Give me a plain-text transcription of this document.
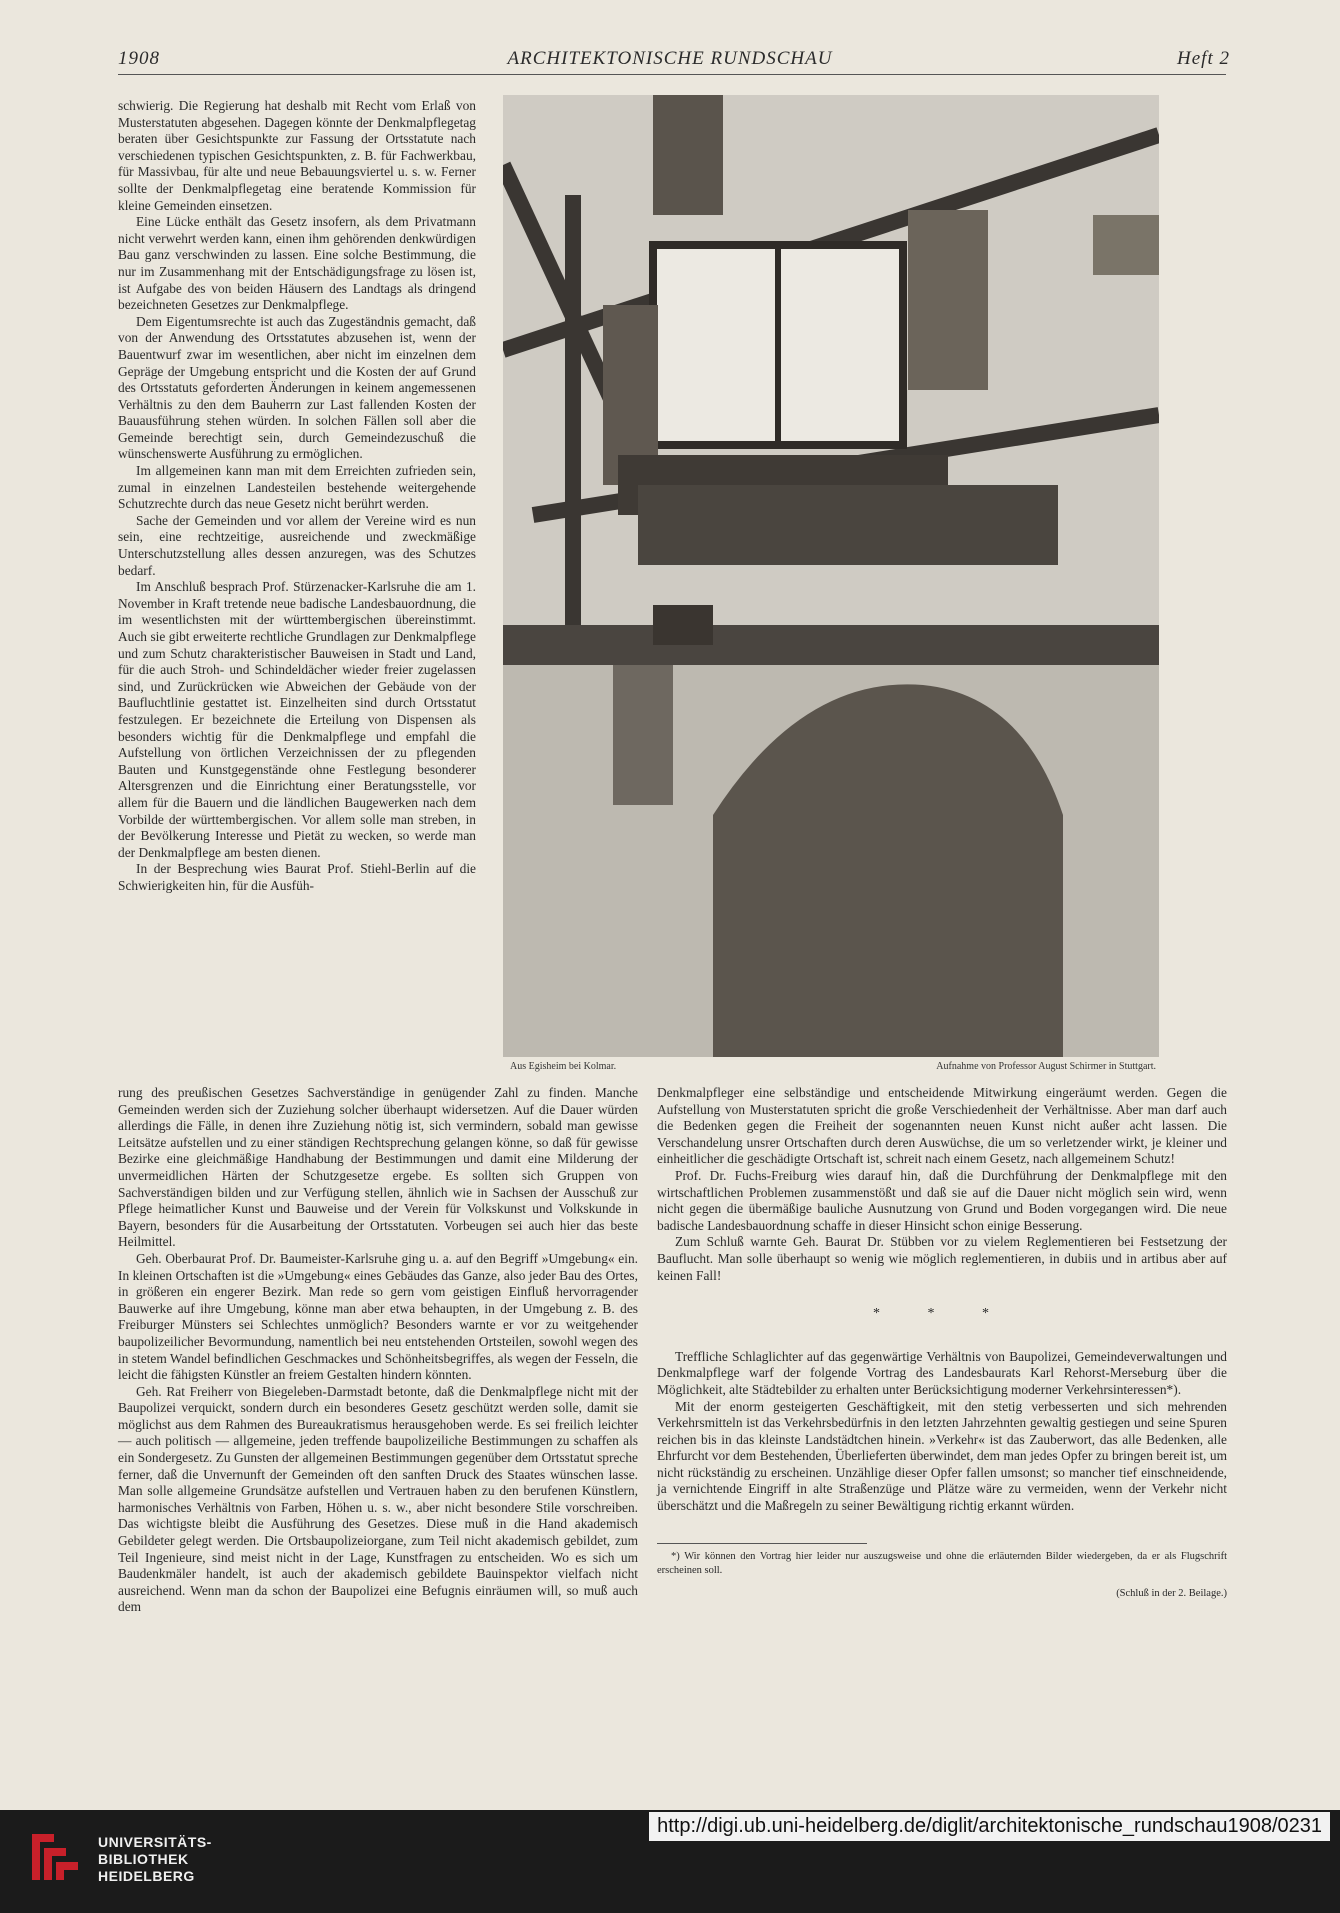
1908	ARCHITEKTONISCHE RUNDSCHAU	Heft 2

schwierig. Die Regierung hat deshalb mit Recht vom Erlaß von Musterstatuten abgesehen. Dagegen könnte der Denkmalpflegetag beraten über Gesichtspunkte zur Fassung der Ortsstatute nach verschiedenen typischen Gesichtspunkten, z. B. für Fachwerkbau, für Massivbau, für alte und neue Bebauungsviertel u. s. w. Ferner sollte der Denkmalpflegetag eine beratende Kommission für kleine Gemeinden einsetzen.

Eine Lücke enthält das Gesetz insofern, als dem Privatmann nicht verwehrt werden kann, einen ihm gehörenden denkwürdigen Bau ganz verschwinden zu lassen. Eine solche Bestimmung, die nur im Zusammenhang mit der Entschädigungsfrage zu lösen ist, ist Aufgabe des von beiden Häusern des Landtags als dringend bezeichneten Gesetzes zur Denkmalpflege.

Dem Eigentumsrechte ist auch das Zugeständnis gemacht, daß von der Anwendung des Ortsstatutes abzusehen ist, wenn der Bauentwurf zwar im wesentlichen, aber nicht im einzelnen dem Gepräge der Umgebung entspricht und die Kosten der auf Grund des Ortsstatuts geforderten Änderungen in keinem angemessenen Verhältnis zu den dem Bauherrn zur Last fallenden Kosten der Bauausführung stehen würden. In solchen Fällen soll aber die Gemeinde berechtigt sein, durch Gemeindezuschuß die wünschenswerte Ausführung zu ermöglichen.

Im allgemeinen kann man mit dem Erreichten zufrieden sein, zumal in einzelnen Landesteilen bestehende weitergehende Schutzrechte durch das neue Gesetz nicht berührt werden.

Sache der Gemeinden und vor allem der Vereine wird es nun sein, eine rechtzeitige, ausreichende und zweckmäßige Unterschutzstellung alles dessen anzuregen, was des Schutzes bedarf.

Im Anschluß besprach Prof. Stürzenacker-Karlsruhe die am 1. November in Kraft tretende neue badische Landesbauordnung, die im wesentlichsten mit der württembergischen übereinstimmt. Auch sie gibt erweiterte rechtliche Grundlagen zur Denkmalpflege und zum Schutz charakteristischer Bauweisen in Stadt und Land, für die auch Stroh- und Schindeldächer wieder freier zugelassen sind, und Zurückrücken wie Abweichen der Gebäude von der Baufluchtlinie gestattet ist. Einzelheiten sind durch Ortsstatut festzulegen. Er bezeichnete die Erteilung von Dispensen als besonders wichtig für die Denkmalpflege und empfahl die Aufstellung von örtlichen Verzeichnissen der zu pflegenden Bauten und Kunstgegenstände ohne Festlegung besonderer Altersgrenzen und die Einrichtung einer Beratungsstelle, vor allem für die Bauern und die ländlichen Baugewerken nach dem Vorbilde der württembergischen. Vor allem solle man streben, in der Bevölkerung Interesse und Pietät zu wecken, so werde man der Denkmalpflege am besten dienen.

In der Besprechung wies Baurat Prof. Stiehl-Berlin auf die Schwierigkeiten hin, für die Ausfüh-

Aus Egisheim bei Kolmar.	Aufnahme von Professor August Schirmer in Stuttgart.

rung des preußischen Gesetzes Sachverständige in genügender Zahl zu finden. Manche Gemeinden werden sich der Zuziehung solcher überhaupt widersetzen. Auf die Dauer würden allerdings die Fälle, in denen ihre Zuziehung nötig ist, sich vermindern, sobald man gewisse Leitsätze aufstellen und zu einer ständigen Rechtsprechung gelangen könne, so daß für gewisse Bezirke eine gleichmäßige Handhabung der Bestimmungen und damit eine Milderung der unvermeidlichen Härten der Schutzgesetze ergebe. Es sollten sich Gruppen von Sachverständigen bilden und zur Verfügung stellen, ähnlich wie in Sachsen der Ausschuß zur Pflege heimatlicher Kunst und Bauweise und der Verein für Volkskunst und Volkskunde in Bayern, besonders für die Ausarbeitung der Ortsstatuten. Vorbeugen sei auch hier das beste Heilmittel.

Geh. Oberbaurat Prof. Dr. Baumeister-Karlsruhe ging u. a. auf den Begriff »Umgebung« ein. In kleinen Ortschaften ist die »Umgebung« eines Gebäudes das Ganze, also jeder Bau des Ortes, in größeren ein engerer Bezirk. Man rede so gern vom geistigen Einfluß hervorragender Bauwerke auf ihre Umgebung, könne man aber etwa behaupten, in der Umgebung z. B. des Freiburger Münsters sei Schlechtes unmöglich? Besonders warnte er vor zu weitgehender baupolizeilicher Bevormundung, namentlich bei neu entstehenden Ortsteilen, sowohl wegen des in stetem Wandel befindlichen Geschmackes und Schönheitsbegriffes, als wegen der Fesseln, die leicht die fähigsten Künstler an freiem Gestalten hindern könnten.

Geh. Rat Freiherr von Biegeleben-Darmstadt betonte, daß die Denkmalpflege nicht mit der Baupolizei verquickt, sondern durch ein besonderes Gesetz geschützt werden solle, damit sie möglichst aus dem Rahmen des Bureaukratismus herausgehoben werde. Es sei freilich leichter — auch politisch — allgemeine, jeden treffende baupolizeiliche Bestimmungen zu schaffen als ein Sondergesetz. Zu Gunsten der allgemeinen Bestimmungen gegenüber dem Ortsstatut spreche ferner, daß die Unvernunft der Gemeinden oft den sanften Druck des Staates wünschen lasse. Man solle allgemeine Grundsätze aufstellen und Vertrauen haben zu den berufenen Künstlern, harmonisches Verhältnis von Farben, Höhen u. s. w., aber nicht besondere Stile vorschreiben. Das wichtigste bleibt die Ausführung des Gesetzes. Diese muß in die Hand akademisch Gebildeter gelegt werden. Die Ortsbaupolizeiorgane, zum Teil nicht akademisch gebildet, zum Teil Ingenieure, sind meist nicht in der Lage, Kunstfragen zu entscheiden. Wo es sich um Baudenkmäler handelt, ist auch der akademisch gebildete Bauinspektor vielfach nicht ausreichend. Wenn man da schon der Baupolizei eine Befugnis einräumen will, so muß auch dem

Denkmalpfleger eine selbständige und entscheidende Mitwirkung eingeräumt werden. Gegen die Aufstellung von Musterstatuten spricht die große Verschiedenheit der Verhältnisse. Aber man darf auch die Bedenken gegen die Freiheit der sogenannten neuen Kunst nicht außer acht lassen. Die Verschandelung unsrer Ortschaften durch deren Auswüchse, die um so verletzender wirkt, je kleiner und einheitlicher die geschädigte Ortschaft ist, schreit nach einem Gesetz, nach allgemeinem Schutz!

Prof. Dr. Fuchs-Freiburg wies darauf hin, daß die Durchführung der Denkmalpflege mit den wirtschaftlichen Problemen zusammenstößt und daß sie auf die Dauer nicht möglich sein wird, wenn nicht gegen die übermäßige bauliche Ausnutzung von Grund und Boden vorgegangen wird. Die neue badische Landesbauordnung schaffe in dieser Hinsicht schon einige Besserung.

Zum Schluß warnte Geh. Baurat Dr. Stübben vor zu vielem Reglementieren bei Festsetzung der Bauflucht. Man solle überhaupt so wenig wie möglich reglementieren, in dubiis und in artibus aber auf keinen Fall!

* * *

Treffliche Schlaglichter auf das gegenwärtige Verhältnis von Baupolizei, Gemeindeverwaltungen und Denkmalpflege warf der folgende Vortrag des Landesbaurats Karl Rehorst-Merseburg über die Möglichkeit, alte Städtebilder zu erhalten unter Berücksichtigung moderner Verkehrsinteressen*).

Mit der enorm gesteigerten Geschäftigkeit, mit den stetig verbesserten und sich mehrenden Verkehrsmitteln ist das Verkehrsbedürfnis in den letzten Jahrzehnten gewaltig gestiegen und seine Spuren reichen bis in das kleinste Landstädtchen hinein. »Verkehr« ist das Zauberwort, das alle Bedenken, alle Ehrfurcht vor dem Bestehenden, Überlieferten überwindet, dem man jedes Opfer zu bringen bereit ist, um nicht rückständig zu erscheinen. Unzählige dieser Opfer fallen umsonst; so mancher tief einschneidende, ja vernichtende Eingriff in alte Straßenzüge und Plätze wäre zu vermeiden, wenn der Verkehr nicht überschätzt und die Maßregeln zu seiner Bewältigung richtig erkannt würden.

*) Wir können den Vortrag hier leider nur auszugsweise und ohne die erläuternden Bilder wiedergeben, da er als Flugschrift erscheinen soll.

(Schluß in der 2. Beilage.)
UNIVERSITÄTS-
BIBLIOTHEK
HEIDELBERG
http://digi.ub.uni-heidelberg.de/diglit/architektonische_rundschau1908/0231
